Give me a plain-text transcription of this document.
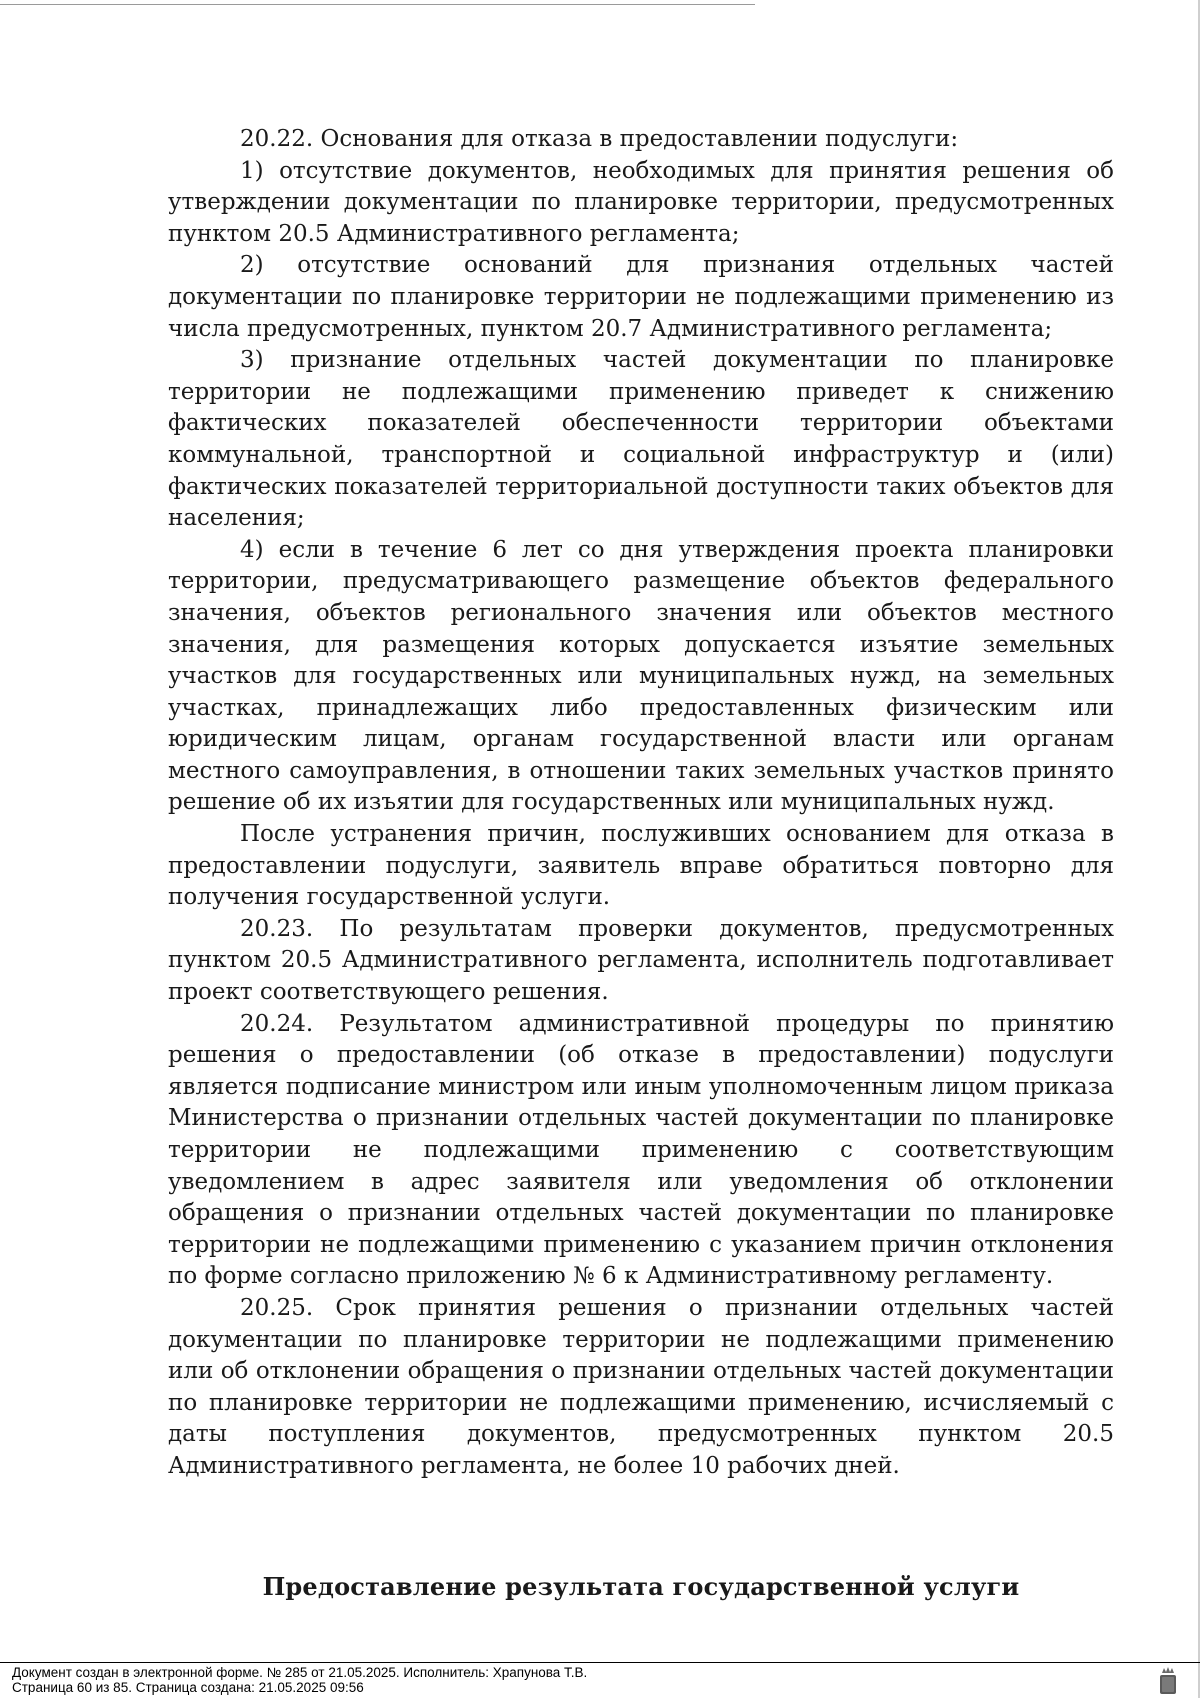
20.22. Основания для отказа в предоставлении подуслуги:

1) отсутствие документов, необходимых для принятия решения об утверждении документации по планировке территории, предусмотренных пунктом 20.5 Административного регламента;

2) отсутствие оснований для признания отдельных частей документации по планировке территории не подлежащими применению из числа предусмотренных, пунктом 20.7 Административного регламента;

3) признание отдельных частей документации по планировке территории не подлежащими применению приведет к снижению фактических показателей обеспеченности территории объектами коммунальной, транспортной и социальной инфраструктур и (или) фактических показателей территориальной доступности таких объектов для населения;

4) если в течение 6 лет со дня утверждения проекта планировки территории, предусматривающего размещение объектов федерального значения, объектов регионального значения или объектов местного значения, для размещения которых допускается изъятие земельных участков для государственных или муниципальных нужд, на земельных участках, принадлежащих либо предоставленных физическим или юридическим лицам, органам государственной власти или органам местного самоуправления, в отношении таких земельных участков принято решение об их изъятии для государственных или муниципальных нужд.

После устранения причин, послуживших основанием для отказа в предоставлении подуслуги, заявитель вправе обратиться повторно для получения государственной услуги.

20.23. По результатам проверки документов, предусмотренных пунктом 20.5 Административного регламента, исполнитель подготавливает проект соответствующего решения.

20.24. Результатом административной процедуры по принятию решения о предоставлении (об отказе в предоставлении) подуслуги является подписание министром или иным уполномоченным лицом приказа Министерства о признании отдельных частей документации по планировке территории не подлежащими применению с соответствующим уведомлением в адрес заявителя или уведомления об отклонении обращения о признании отдельных частей документации по планировке территории не подлежащими применению с указанием причин отклонения по форме согласно приложению № 6 к Административному регламенту.

20.25. Срок принятия решения о признании отдельных частей документации по планировке территории не подлежащими применению или об отклонении обращения о признании отдельных частей документации по планировке территории не подлежащими применению, исчисляемый с даты поступления документов, предусмотренных пунктом 20.5 Административного регламента, не более 10 рабочих дней.

Предоставление результата государственной услуги
Документ создан в электронной форме. № 285 от 21.05.2025. Исполнитель: Храпунова Т.В.
Страница 60 из 85. Страница создана: 21.05.2025 09:56
